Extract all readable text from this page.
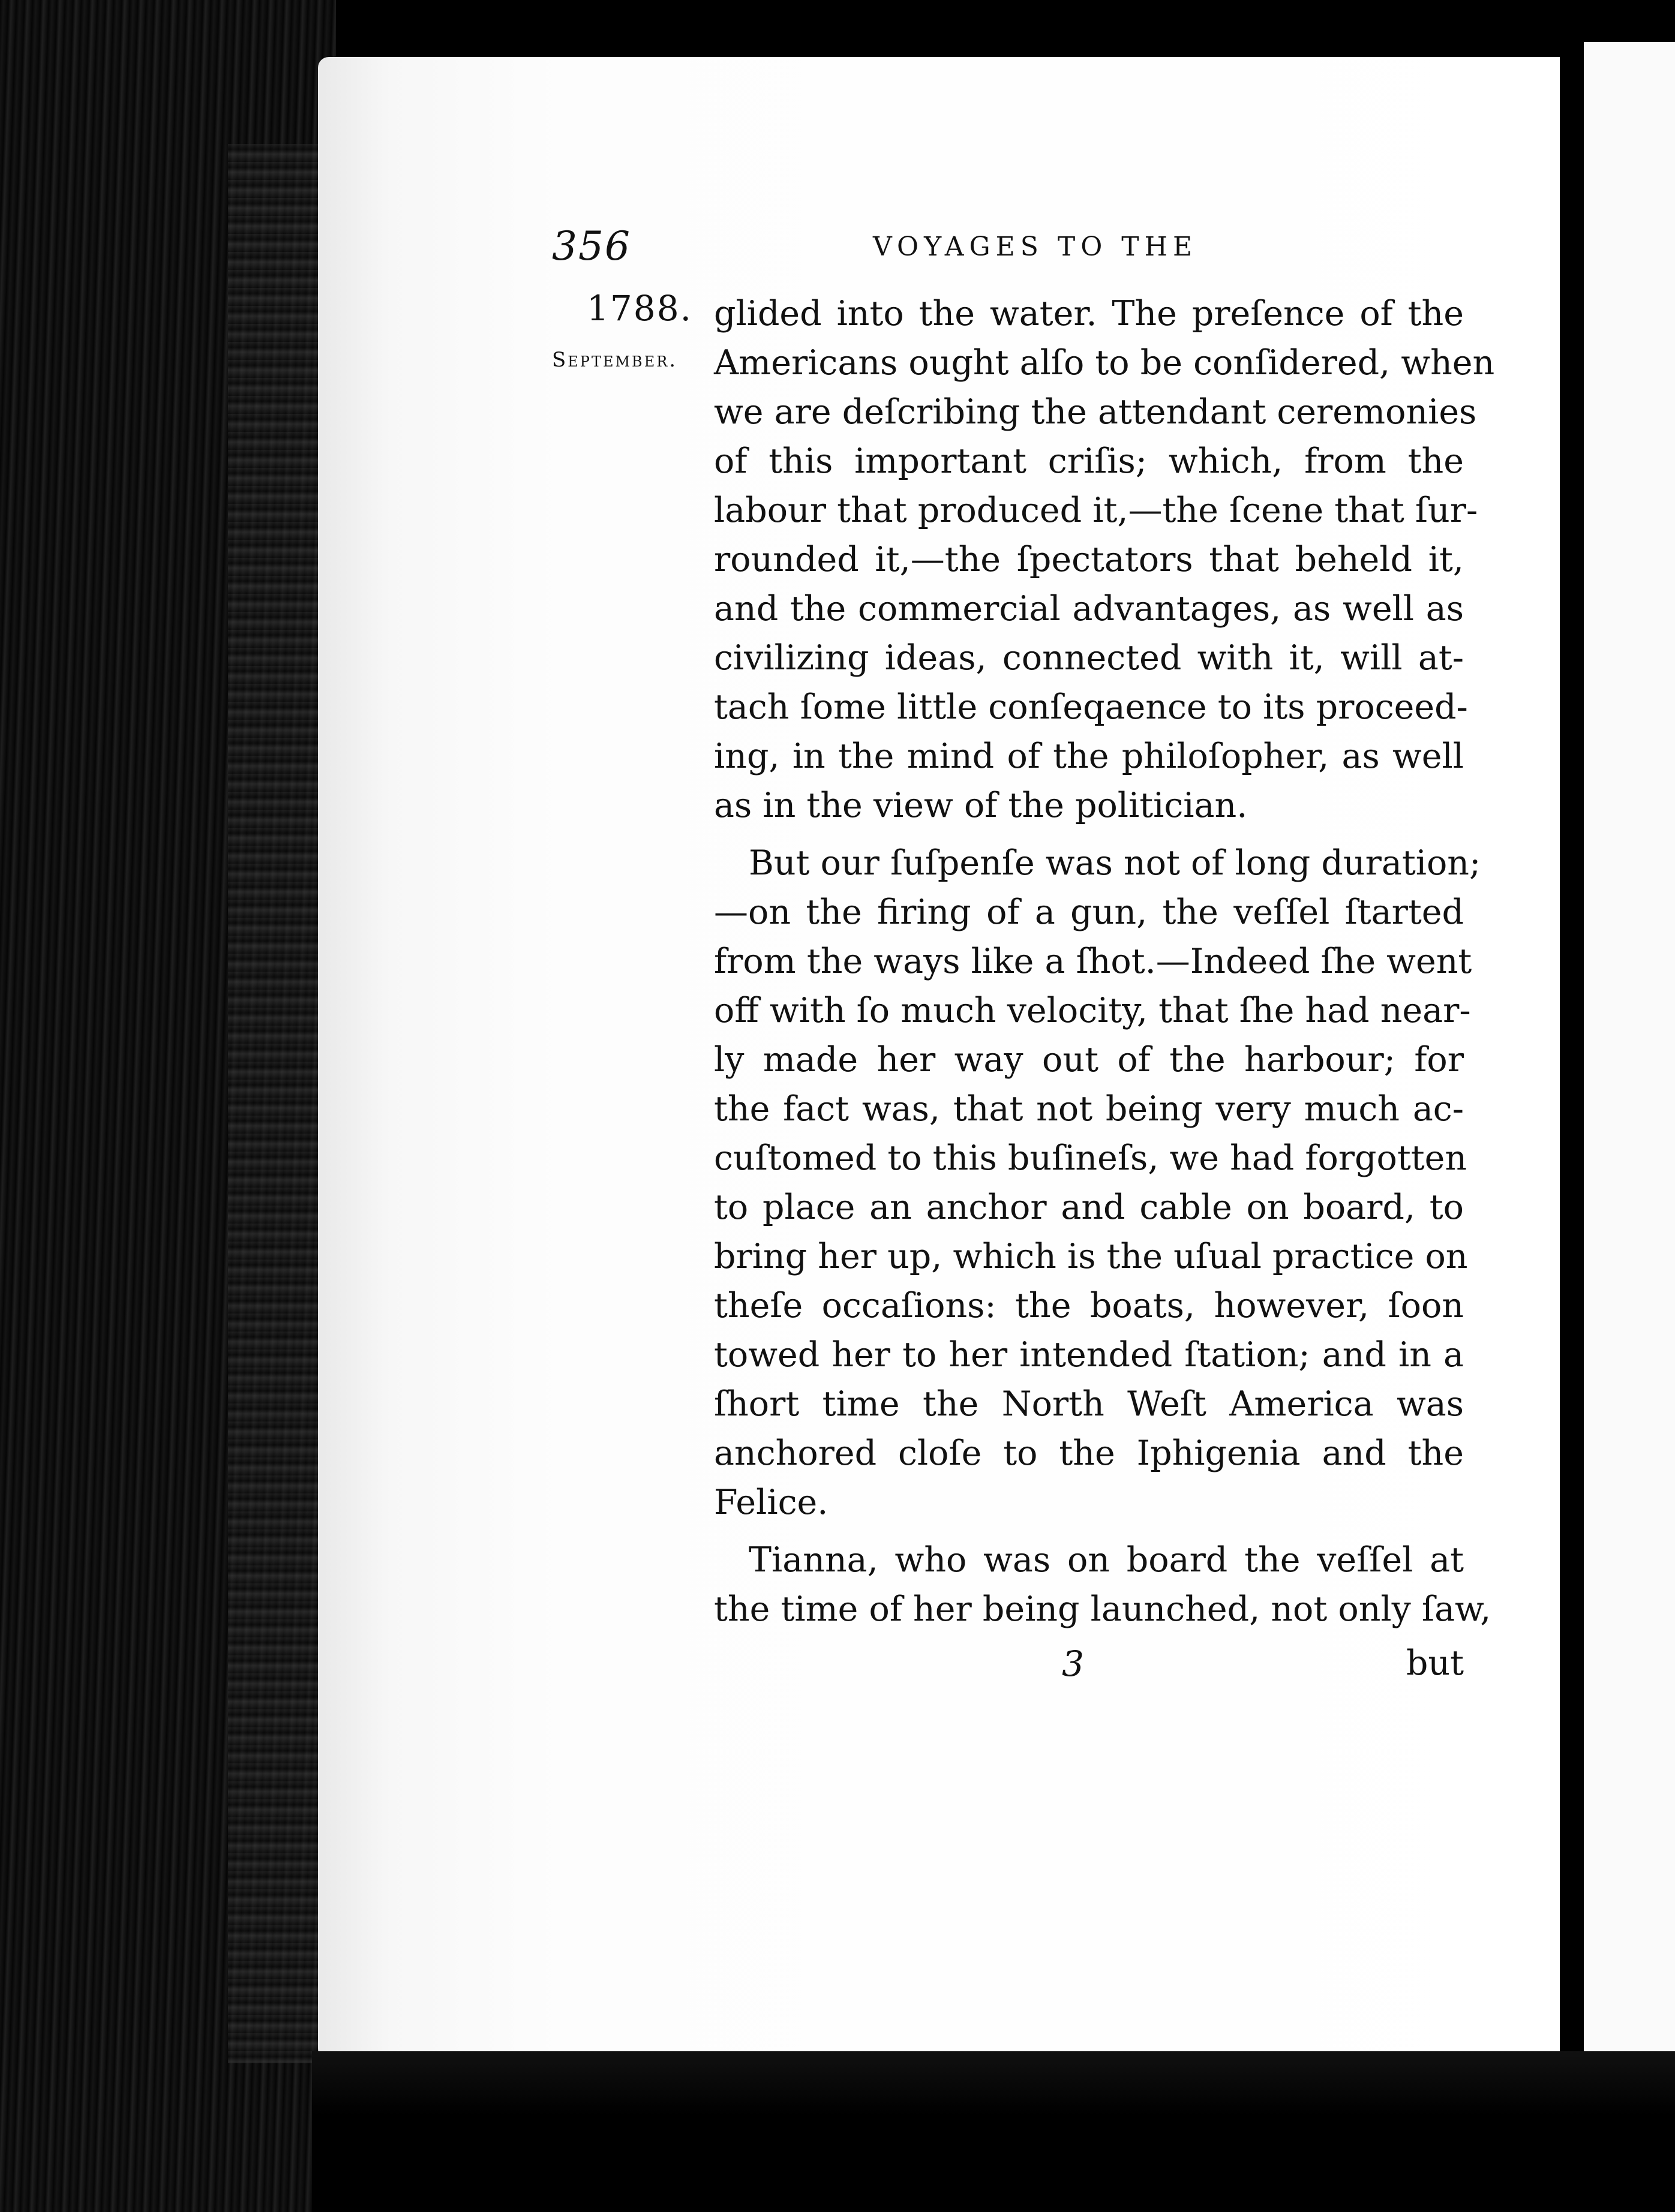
356	VOYAGES TO THE
1788.
September.
glided into the water. The preſence of the
Americans ought alſo to be conſidered, when
we are deſcribing the attendant ceremonies
of this important criſis; which, from the
labour that produced it,—the ſcene that ſur-
rounded it,—the ſpectators that beheld it,
and the commercial advantages, as well as
civilizing ideas, connected with it, will at-
tach ſome little conſeqaence to its proceed-
ing, in the mind of the philoſopher, as well
as in the view of the politician.
But our ſuſpenſe was not of long duration;
—on the firing of a gun, the veſſel ſtarted
from the ways like a ſhot.—Indeed ſhe went
off with ſo much velocity, that ſhe had near-
ly made her way out of the harbour; for
the fact was, that not being very much ac-
cuſtomed to this buſineſs, we had forgotten
to place an anchor and cable on board, to
bring her up, which is the uſual practice on
theſe occaſions: the boats, however, ſoon
towed her to her intended ſtation; and in a
ſhort time the North Weſt America was
anchored cloſe to the Iphigenia and the
Felice.
Tianna, who was on board the veſſel at
the time of her being launched, not only ſaw,
3	but
